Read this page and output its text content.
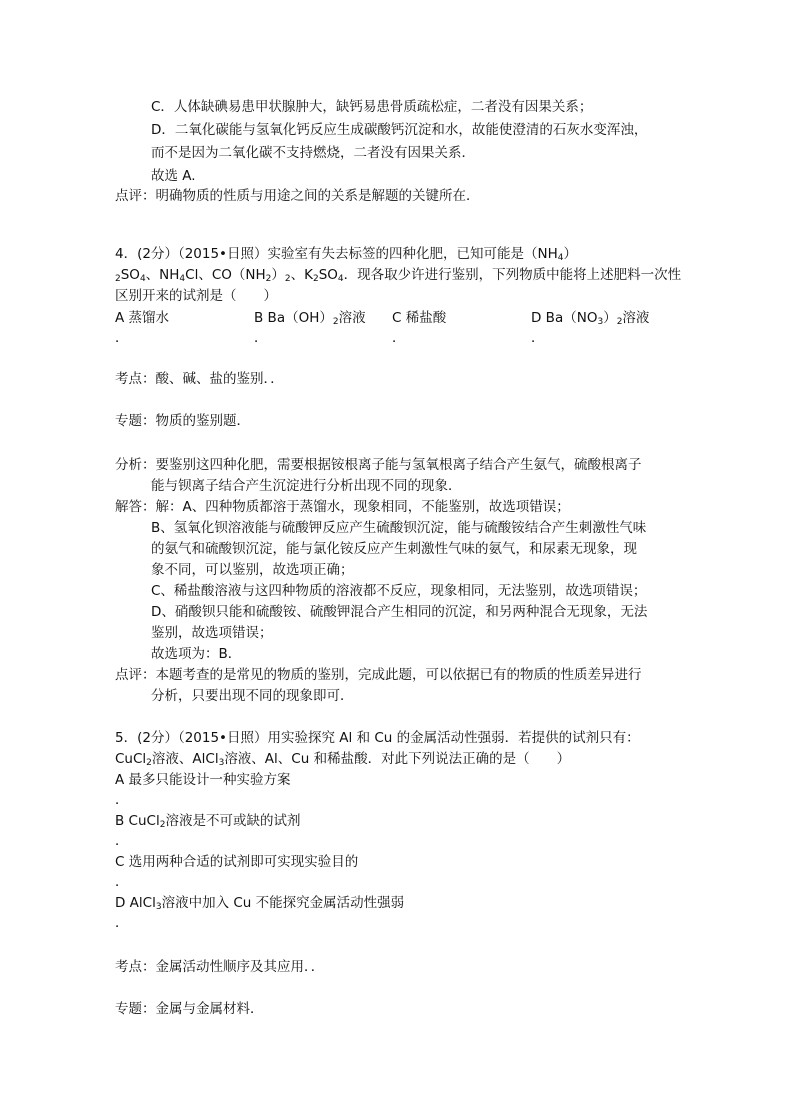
C．人体缺碘易患甲状腺肿大，缺钙易患骨质疏松症，二者没有因果关系；
D．二氧化碳能与氢氧化钙反应生成碳酸钙沉淀和水，故能使澄清的石灰水变浑浊，
而不是因为二氧化碳不支持燃烧，二者没有因果关系．
故选 A.
点评：明确物质的性质与用途之间的关系是解题的关键所在．
4．(2分）（2015•日照）实验室有失去标签的四种化肥，已知可能是$(NH_4)$
$_2SO_4$、$NH_4Cl$、$CO(NH_2)_2$、$K_2SO_4$．现各取少许进行鉴别，下列物质中能将上述肥料一次性
区别开来的试剂是（　　）
A 蒸馏水	B $Ba(OH)_2$溶液 C 稀盐酸	D $Ba(NO_3)_2$溶液
．	．	．	．
考点：酸、碱、盐的鉴别．．
专题：物质的鉴别题．
分析：要鉴别这四种化肥，需要根据铵根离子能与氢氧根离子结合产生氨气，硫酸根离子
能与钡离子结合产生沉淀进行分析出现不同的现象．
解答：解：A、四种物质都溶于蒸馏水，现象相同，不能鉴别，故选项错误；
B、氢氧化钡溶液能与硫酸钾反应产生硫酸钡沉淀，能与硫酸铵结合产生刺激性气味
的氨气和硫酸钡沉淀，能与氯化铵反应产生刺激性气味的氨气，和尿素无现象，现
象不同，可以鉴别，故选项正确；
C、稀盐酸溶液与这四种物质的溶液都不反应，现象相同，无法鉴别，故选项错误；
D、硝酸钡只能和硫酸铵、硫酸钾混合产生相同的沉淀，和另两种混合无现象，无法
鉴别，故选项错误；
故选项为：B．
点评：本题考查的是常见的物质的鉴别，完成此题，可以依据已有的物质的性质差异进行
分析，只要出现不同的现象即可．
5．(2分）（2015•日照）用实验探究 Al 和 Cu 的金属活动性强弱．若提供的试剂只有：
CuCl$_2$溶液、AlCl$_3$溶液、Al、Cu 和稀盐酸．对此下列说法正确的是（　　）
A 最多只能设计一种实验方案
．
B CuCl$_2$溶液是不可或缺的试剂
．
C 选用两种合适的试剂即可实现实验目的
．
D AlCl$_3$溶液中加入 Cu 不能探究金属活动性强弱
．
考点：金属活动性顺序及其应用．．
专题：金属与金属材料．
